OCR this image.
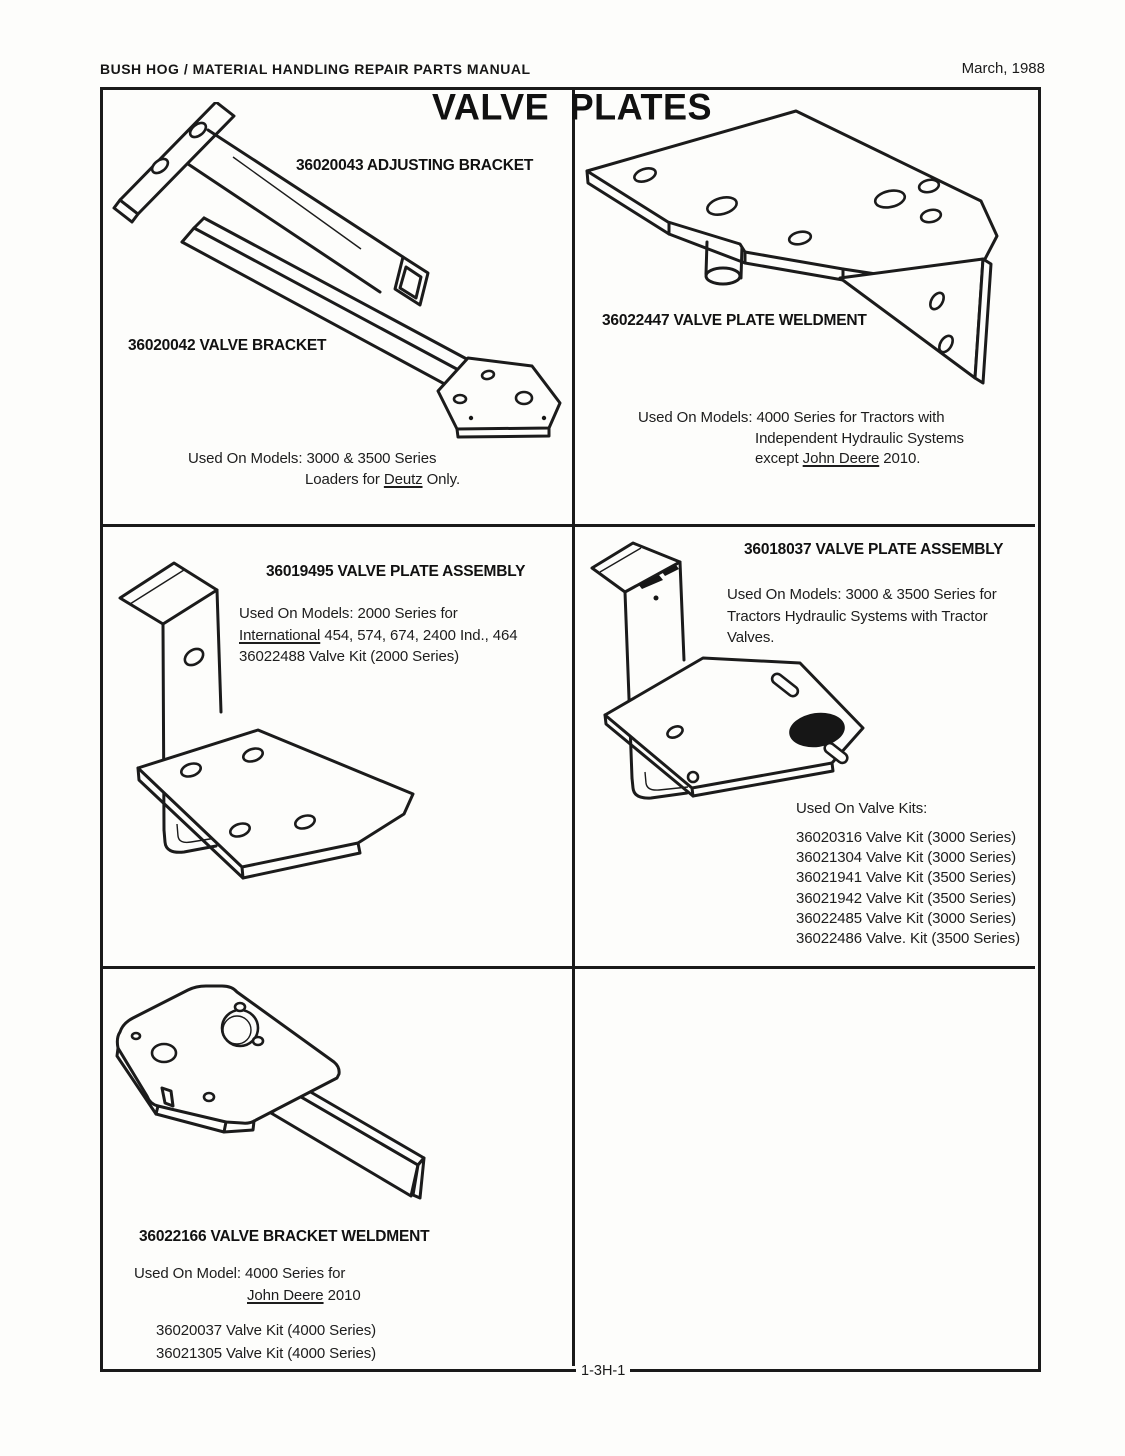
BUSH HOG / MATERIAL HANDLING REPAIR PARTS MANUAL	March, 1988
VALVE PLATES
36020043 ADJUSTING BRACKET
36020042 VALVE BRACKET
Used On Models: 3000 & 3500 Series
Loaders for Deutz Only.
36022447 VALVE PLATE WELDMENT
Used On Models: 4000 Series for Tractors with
Independent Hydraulic Systems
except John Deere 2010.
36019495 VALVE PLATE ASSEMBLY
Used On Models: 2000 Series for
International 454, 574, 674, 2400 Ind., 464
36022488 Valve Kit (2000 Series)
36018037 VALVE PLATE ASSEMBLY
Used On Models: 3000 & 3500 Series for
Tractors Hydraulic Systems with Tractor
Valves.
Used On Valve Kits:
36020316 Valve Kit (3000 Series)
36021304 Valve Kit (3000 Series)
36021941 Valve Kit (3500 Series)
36021942 Valve Kit (3500 Series)
36022485 Valve Kit (3000 Series)
36022486 Valve. Kit (3500 Series)
36022166 VALVE BRACKET WELDMENT
Used On Model: 4000 Series for
John Deere 2010
36020037 Valve Kit (4000 Series)
36021305 Valve Kit (4000 Series)
1-3H-1
